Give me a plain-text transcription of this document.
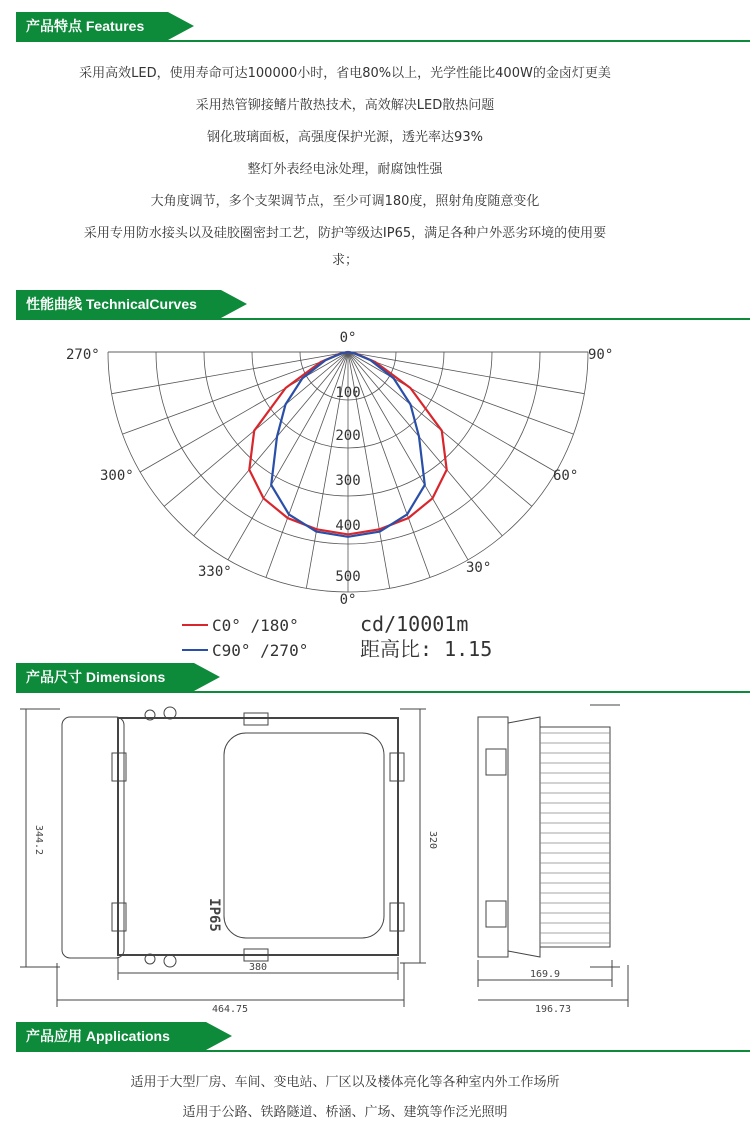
产品特点 Features
采用高效LED，使用寿命可达100000小时，省电80%以上，光学性能比400W的金卤灯更美
采用热管铆接鳍片散热技术，高效解决LED散热问题
钢化玻璃面板，高强度保护光源，透光率达93%
整灯外表经电泳处理，耐腐蚀性强
大角度调节，多个支架调节点，至少可调180度，照射角度随意变化
采用专用防水接头以及硅胶圈密封工艺，防护等级达IP65，满足各种户外恶劣环境的使用要
求；
性能曲线 TechnicalCurves
0°
0°
270°	90°
300°	60°
330°	30°
100
200
300
400
500
C0° /180°
C90° /270°
cd/10001m
距高比: 1.15
产品尺寸 Dimensions
344.2	320
380
464.75
169.9
196.73
IP65
产品应用 Applications
适用于大型厂房、车间、变电站、厂区以及楼体亮化等各种室内外工作场所
适用于公路、铁路隧道、桥涵、广场、建筑等作泛光照明
